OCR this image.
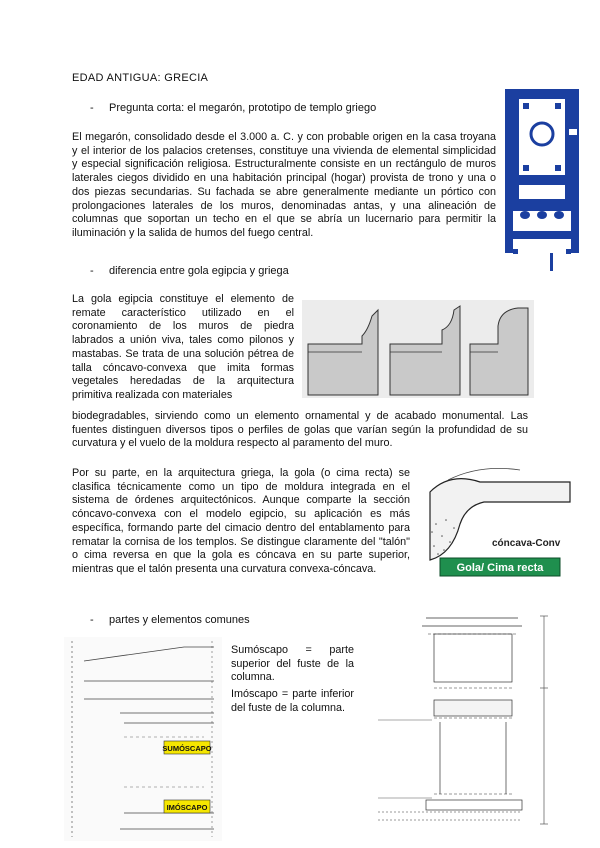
EDAD ANTIGUA: GRECIA
- Pregunta corta: el megarón, prototipo de templo griego
El megarón, consolidado desde el 3.000 a. C. y con probable origen en la casa troyana y el interior de los palacios cretenses, constituye una vivienda de elemental simplicidad y especial significación religiosa. Estructuralmente consiste en un rectángulo de muros laterales ciegos dividido en una habitación principal (hogar) provista de trono y una o dos piezas secundarias. Su fachada se abre generalmente mediante un pórtico con prolongaciones laterales de los muros, denominadas antas, y una alineación de columnas que soportan un techo en el que se abría un lucernario para permitir la iluminación y la salida de humos del fuego central.
- diferencia entre gola egipcia y griega
La gola egipcia constituye el elemento de remate característico utilizado en el coronamiento de los muros de piedra labrados a unión viva, tales como pilonos y mastabas. Se trata de una solución pétrea de talla cóncavo-convexa que imita formas vegetales heredadas de la arquitectura primitiva realizada con materiales
biodegradables, sirviendo como un elemento ornamental y de acabado monumental. Las fuentes distinguen diversos tipos o perfiles de golas que varían según la profundidad de su curvatura y el vuelo de la moldura respecto al paramento del muro.
Por su parte, en la arquitectura griega, la gola (o cima recta) se clasifica técnicamente como un tipo de moldura integrada en el sistema de órdenes arquitectónicos. Aunque comparte la sección cóncavo-convexa con el modelo egipcio, su aplicación es más específica, formando parte del cimacio dentro del entablamento para rematar la cornisa de los templos. Se distingue claramente del "talón" o cima reversa en que la gola es cóncava en su parte superior, mientras que el talón presenta una curvatura convexa-cóncava.
cóncava-Conv
Gola/ Cima recta
- partes y elementos comunes
SUMÓSCAPO
IMÓSCAPO
Sumóscapo = parte superior del fuste de la columna.
Imóscapo = parte inferior del fuste de la columna.
